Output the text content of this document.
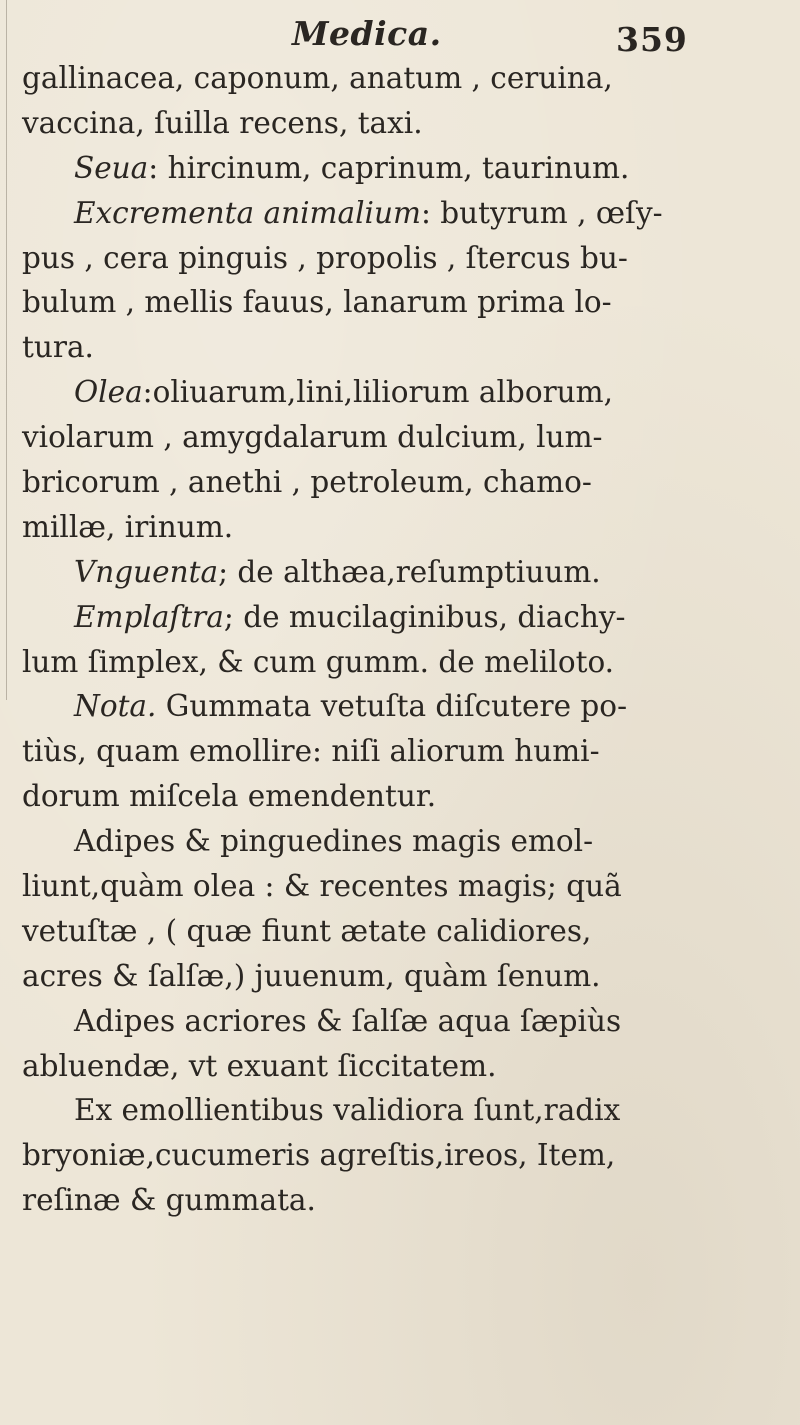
Medica.	359
gallinacea, caponum, anatum , ceruina,
vaccina, ſuilla recens, taxi.
Seua: hircinum, caprinum, taurinum.
Excrementa animalium: butyrum , œſy-
pus , cera pinguis , propolis , ſtercus bu-
bulum , mellis fauus, lanarum prima lo-
tura.
Olea:oliuarum,lini,liliorum alborum,
violarum , amygdalarum dulcium, lum-
bricorum , anethi , petroleum, chamo-
millæ, irinum.
Vnguenta; de althæa,reſumptiuum.
Emplaſtra; de mucilaginibus, diachy-
lum ſimplex, & cum gumm. de meliloto.
Nota. Gummata vetuſta diſcutere po-
tiùs, quam emollire: niſi aliorum humi-
dorum miſcela emendentur.
Adipes & pinguedines magis emol-
liunt,quàm olea : & recentes magis; quã
vetuſtæ , ( quæ fiunt ætate calidiores,
acres & ſalſæ,) juuenum, quàm ſenum.
Adipes acriores & ſalſæ aqua ſæpiùs
abluendæ, vt exuant ſiccitatem.
Ex emollientibus validiora ſunt,radix
bryoniæ,cucumeris agreſtis,ireos, Item,
reſinæ & gummata.
